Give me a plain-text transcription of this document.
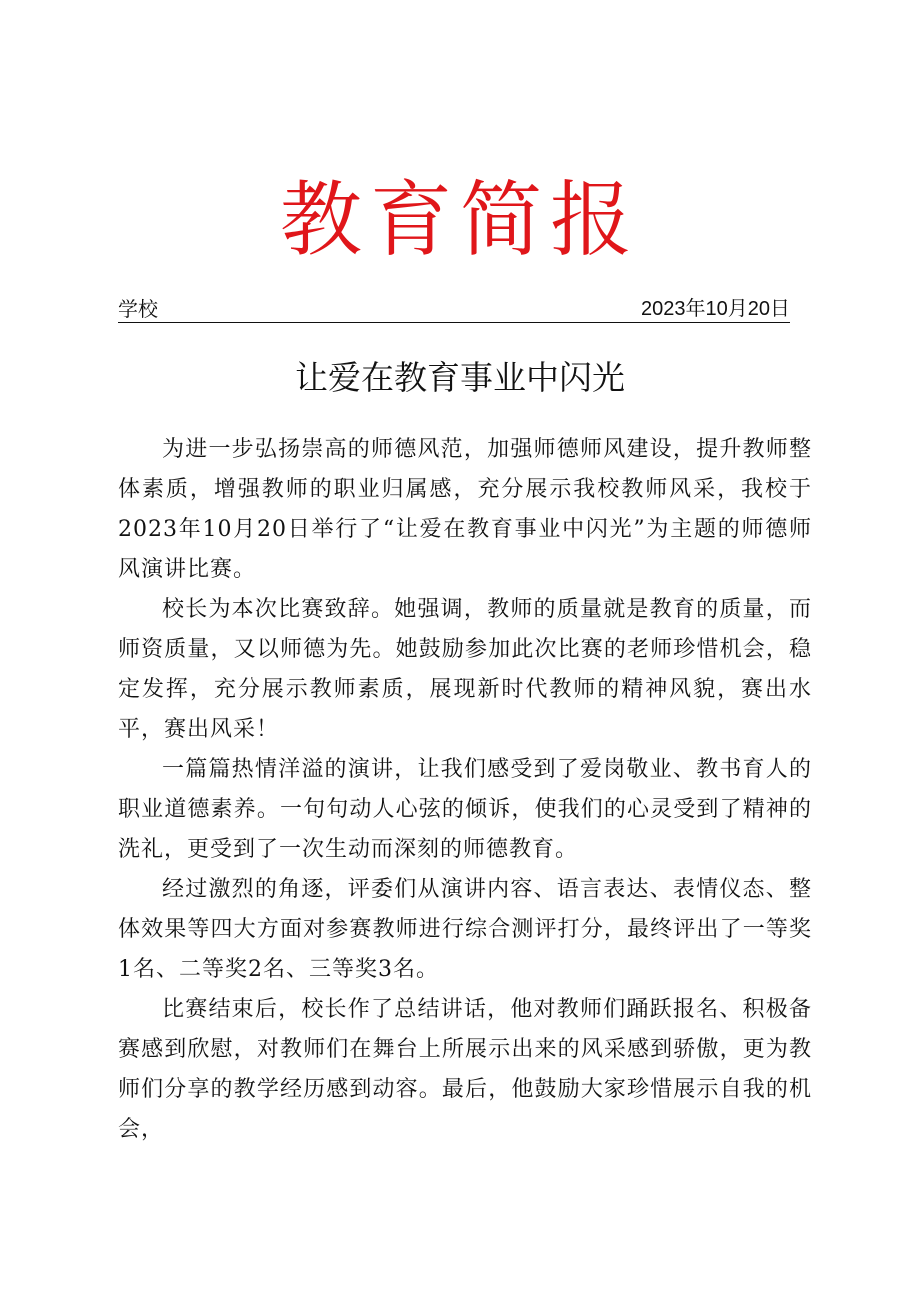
教育简报
学校	2023年10月20日
让爱在教育事业中闪光

为进一步弘扬崇高的师德风范，加强师德师风建设，提升教师整体素质，增强教师的职业归属感，充分展示我校教师风采，我校于2023年10月20日举行了“让爱在教育事业中闪光”为主题的师德师风演讲比赛。

校长为本次比赛致辞。她强调，教师的质量就是教育的质量，而师资质量，又以师德为先。她鼓励参加此次比赛的老师珍惜机会，稳定发挥，充分展示教师素质，展现新时代教师的精神风貌，赛出水平，赛出风采！

一篇篇热情洋溢的演讲，让我们感受到了爱岗敬业、教书育人的职业道德素养。一句句动人心弦的倾诉，使我们的心灵受到了精神的洗礼，更受到了一次生动而深刻的师德教育。

经过激烈的角逐，评委们从演讲内容、语言表达、表情仪态、整体效果等四大方面对参赛教师进行综合测评打分，最终评出了一等奖1名、二等奖2名、三等奖3名。

比赛结束后，校长作了总结讲话，他对教师们踊跃报名、积极备赛感到欣慰，对教师们在舞台上所展示出来的风采感到骄傲，更为教师们分享的教学经历感到动容。最后，他鼓励大家珍惜展示自我的机会，
